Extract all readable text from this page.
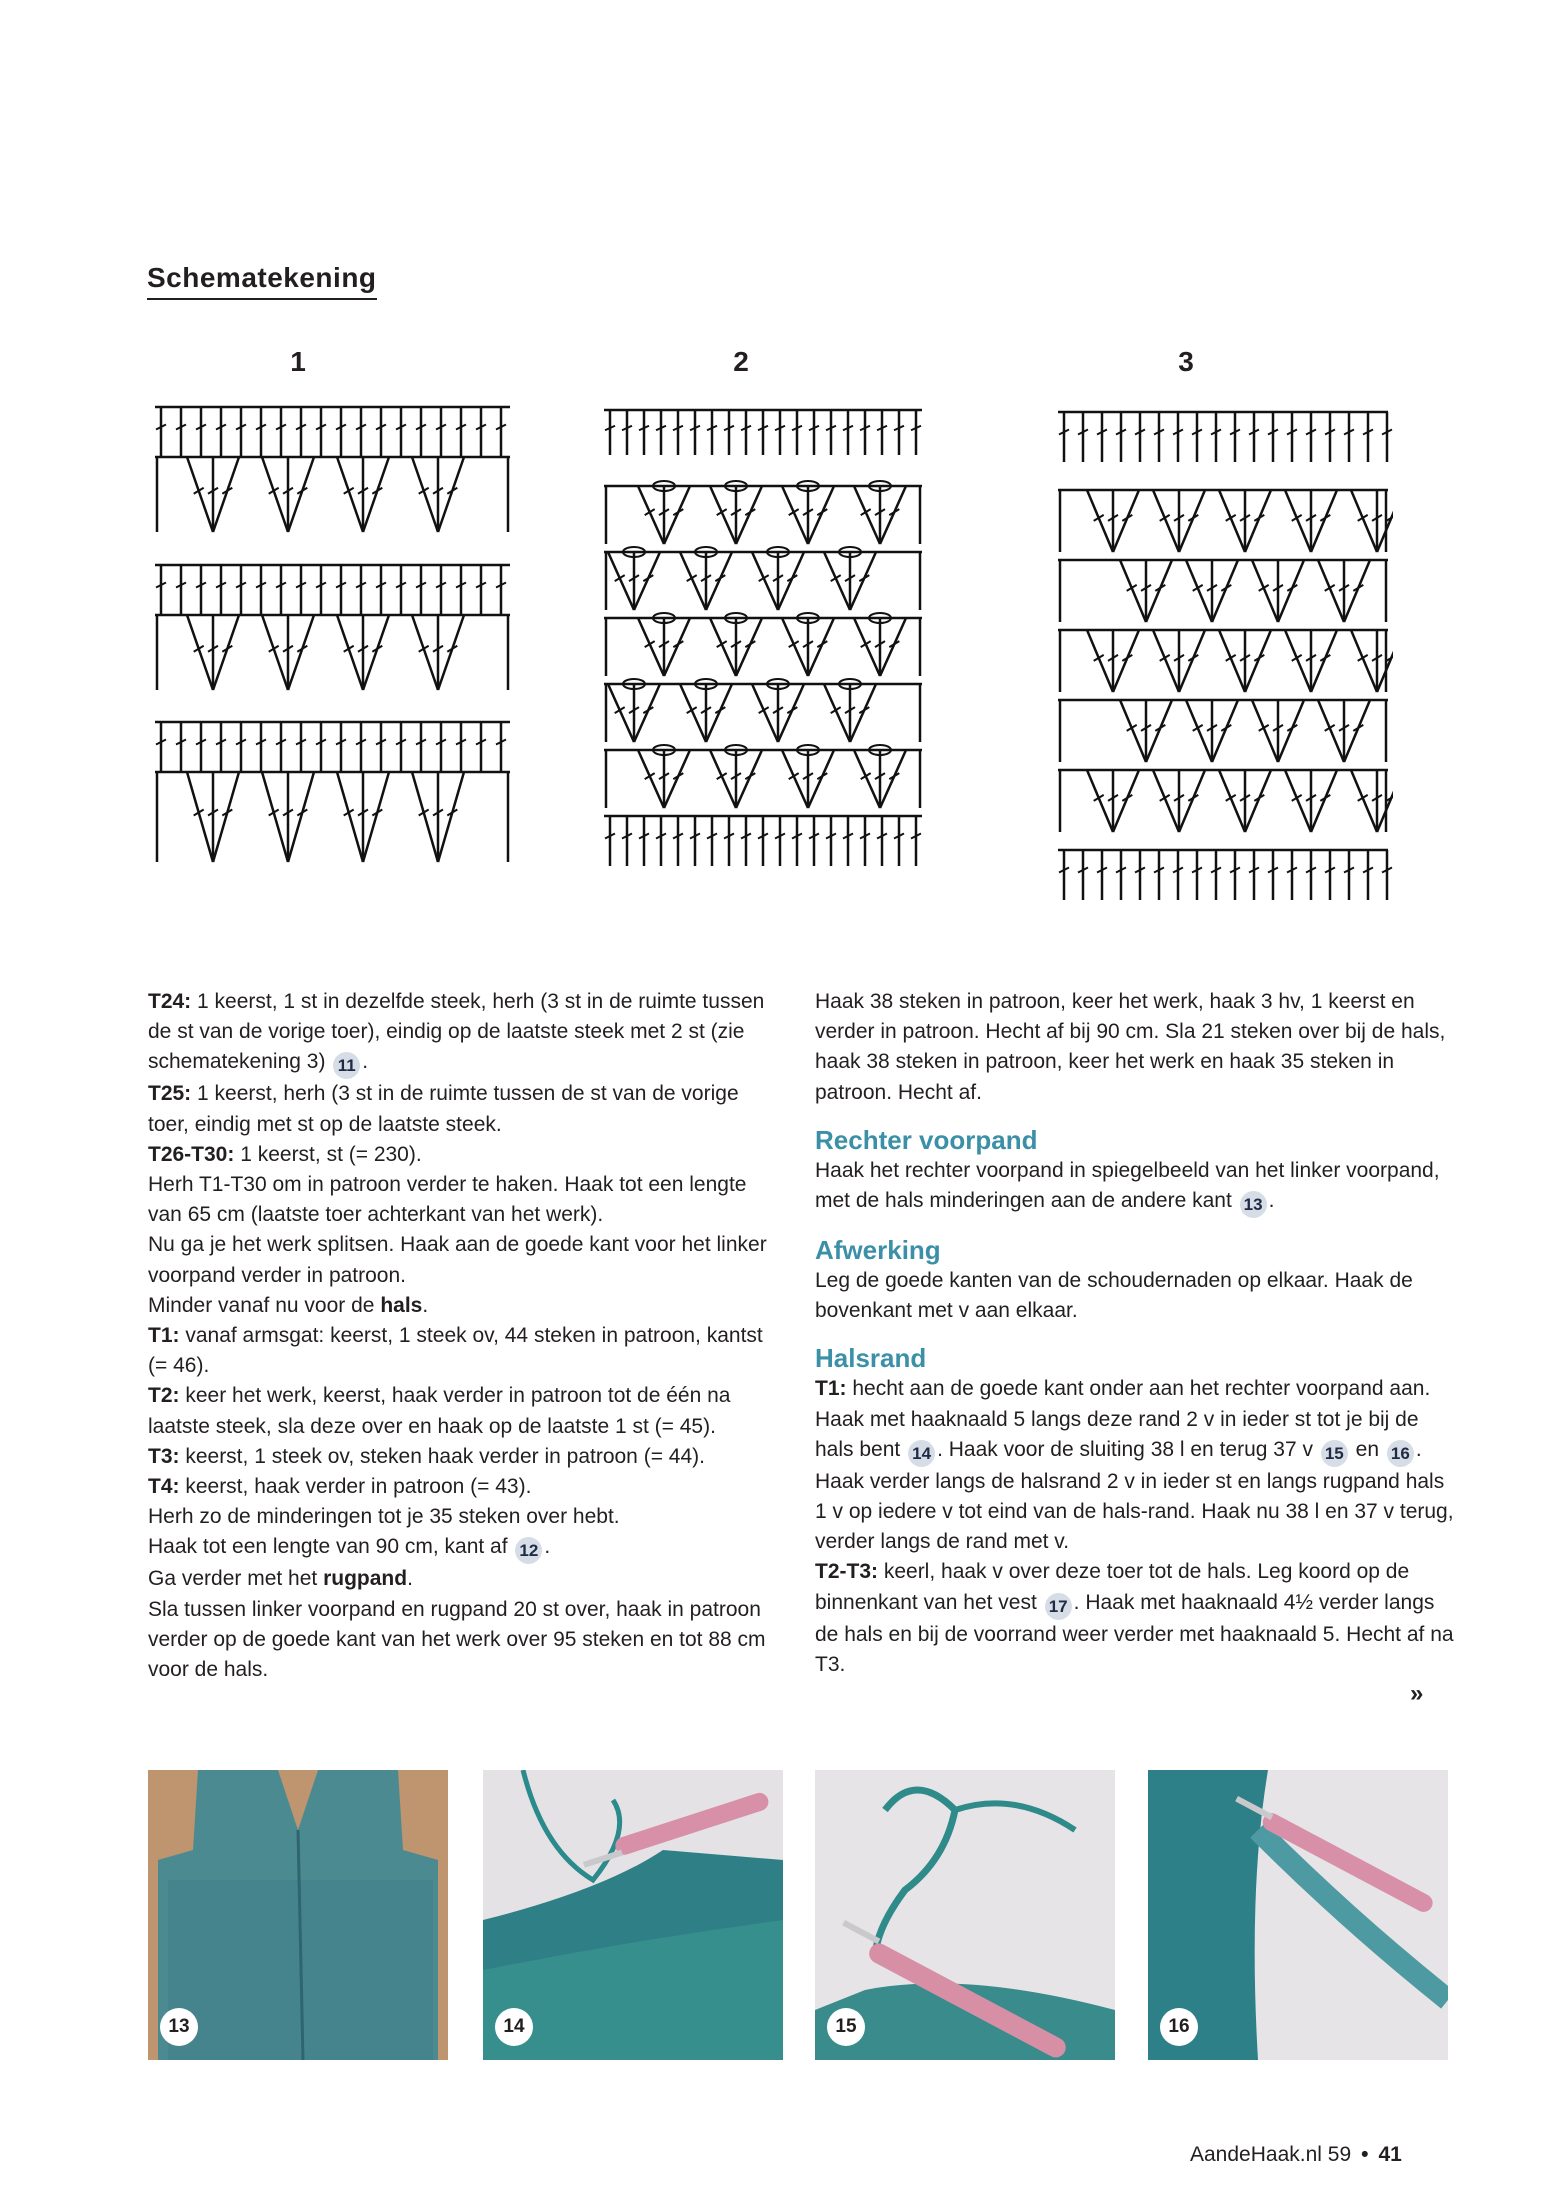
Schematekening
1	2	3

T24: 1 keerst, 1 st in dezelfde steek, herh (3 st in de ruimte tussen de st van de vorige toer), eindig op de laatste steek met 2 st (zie schematekening 3) 11 .

T25: 1 keerst, herh (3 st in de ruimte tussen de st van de vorige toer, eindig met st op de laatste steek.

T26-T30: 1 keerst, st (= 230).

Herh T1-T30 om in patroon verder te haken. Haak tot een lengte van 65 cm (laatste toer achterkant van het werk).

Nu ga je het werk splitsen. Haak aan de goede kant voor het linker voorpand verder in patroon.

Minder vanaf nu voor de hals.

T1: vanaf armsgat: keerst, 1 steek ov, 44 steken in patroon, kantst (= 46).

T2: keer het werk, keerst, haak verder in patroon tot de één na laatste steek, sla deze over en haak op de laatste 1 st (= 45).

T3: keerst, 1 steek ov, steken haak verder in patroon (= 44).

T4: keerst, haak verder in patroon (= 43).

Herh zo de minderingen tot je 35 steken over hebt.

Haak tot een lengte van 90 cm, kant af 12 .

Ga verder met het rugpand.

Sla tussen linker voorpand en rugpand 20 st over, haak in patroon verder op de goede kant van het werk over 95 steken en tot 88 cm voor de hals.

Haak 38 steken in patroon, keer het werk, haak 3 hv, 1 keerst en verder in patroon. Hecht af bij 90 cm. Sla 21 steken over bij de hals, haak 38 steken in patroon, keer het werk en haak 35 steken in patroon. Hecht af.

Rechter voorpand

Haak het rechter voorpand in spiegelbeeld van het linker voorpand, met de hals minderingen aan de andere kant 13 .

Afwerking

Leg de goede kanten van de schoudernaden op elkaar. Haak de bovenkant met v aan elkaar.

Halsrand

T1: hecht aan de goede kant onder aan het rechter voorpand aan. Haak met haaknaald 5 langs deze rand 2 v in ieder st tot je bij de hals bent 14 . Haak voor de sluiting 38 l en terug 37 v 15 en 16 . Haak verder langs de halsrand 2 v in ieder st en langs rugpand hals 1 v op iedere v tot eind van de hals-rand. Haak nu 38 l en 37 v terug, verder langs de rand met v.

T2-T3: keerl, haak v over deze toer tot de hals. Leg koord op de binnenkant van het vest 17 . Haak met haaknaald 4½ verder langs de hals en bij de voorrand weer verder met haaknaald 5. Hecht af na T3.

»
13	14	15	16
AandeHaak.nl 59 • 41
